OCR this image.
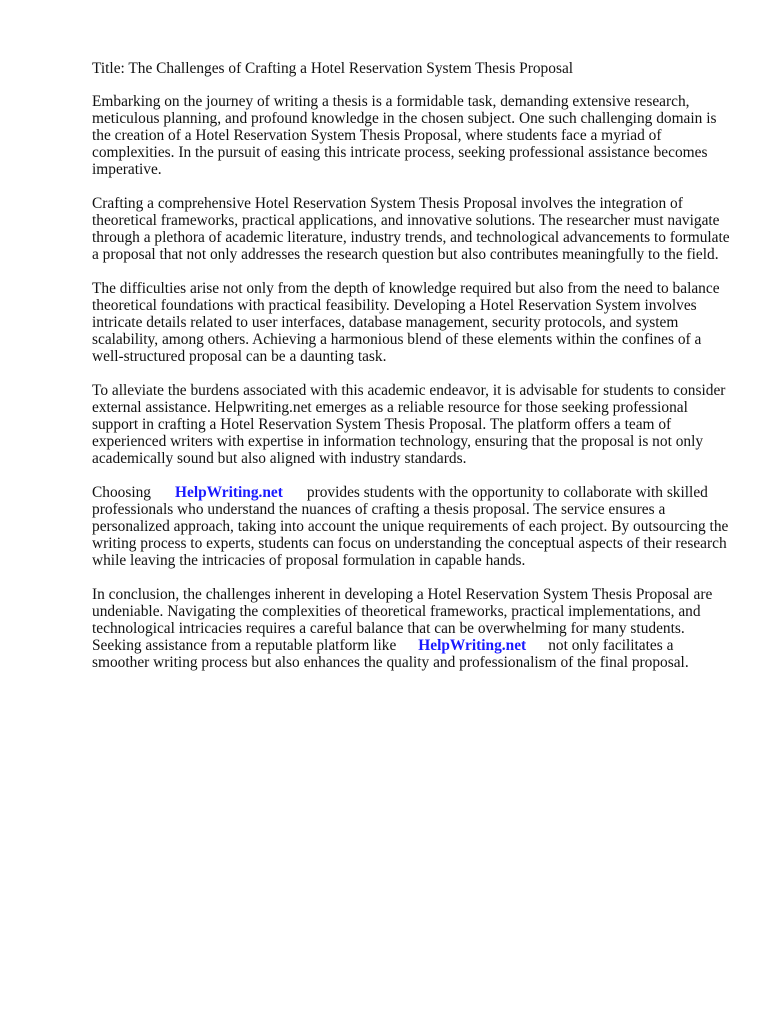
Title: The Challenges of Crafting a Hotel Reservation System Thesis Proposal

Embarking on the journey of writing a thesis is a formidable task, demanding extensive research, meticulous planning, and profound knowledge in the chosen subject. One such challenging domain is the creation of a Hotel Reservation System Thesis Proposal, where students face a myriad of complexities. In the pursuit of easing this intricate process, seeking professional assistance becomes imperative.

Crafting a comprehensive Hotel Reservation System Thesis Proposal involves the integration of theoretical frameworks, practical applications, and innovative solutions. The researcher must navigate through a plethora of academic literature, industry trends, and technological advancements to formulate a proposal that not only addresses the research question but also contributes meaningfully to the field.

The difficulties arise not only from the depth of knowledge required but also from the need to balance theoretical foundations with practical feasibility. Developing a Hotel Reservation System involves intricate details related to user interfaces, database management, security protocols, and system scalability, among others. Achieving a harmonious blend of these elements within the confines of a well-structured proposal can be a daunting task.

To alleviate the burdens associated with this academic endeavor, it is advisable for students to consider external assistance. Helpwriting.net emerges as a reliable resource for those seeking professional support in crafting a Hotel Reservation System Thesis Proposal. The platform offers a team of experienced writers with expertise in information technology, ensuring that the proposal is not only academically sound but also aligned with industry standards.

Choosing HelpWriting.net provides students with the opportunity to collaborate with skilled professionals who understand the nuances of crafting a thesis proposal. The service ensures a personalized approach, taking into account the unique requirements of each project. By outsourcing the writing process to experts, students can focus on understanding the conceptual aspects of their research while leaving the intricacies of proposal formulation in capable hands.

In conclusion, the challenges inherent in developing a Hotel Reservation System Thesis Proposal are undeniable. Navigating the complexities of theoretical frameworks, practical implementations, and technological intricacies requires a careful balance that can be overwhelming for many students. Seeking assistance from a reputable platform like HelpWriting.net not only facilitates a smoother writing process but also enhances the quality and professionalism of the final proposal.
